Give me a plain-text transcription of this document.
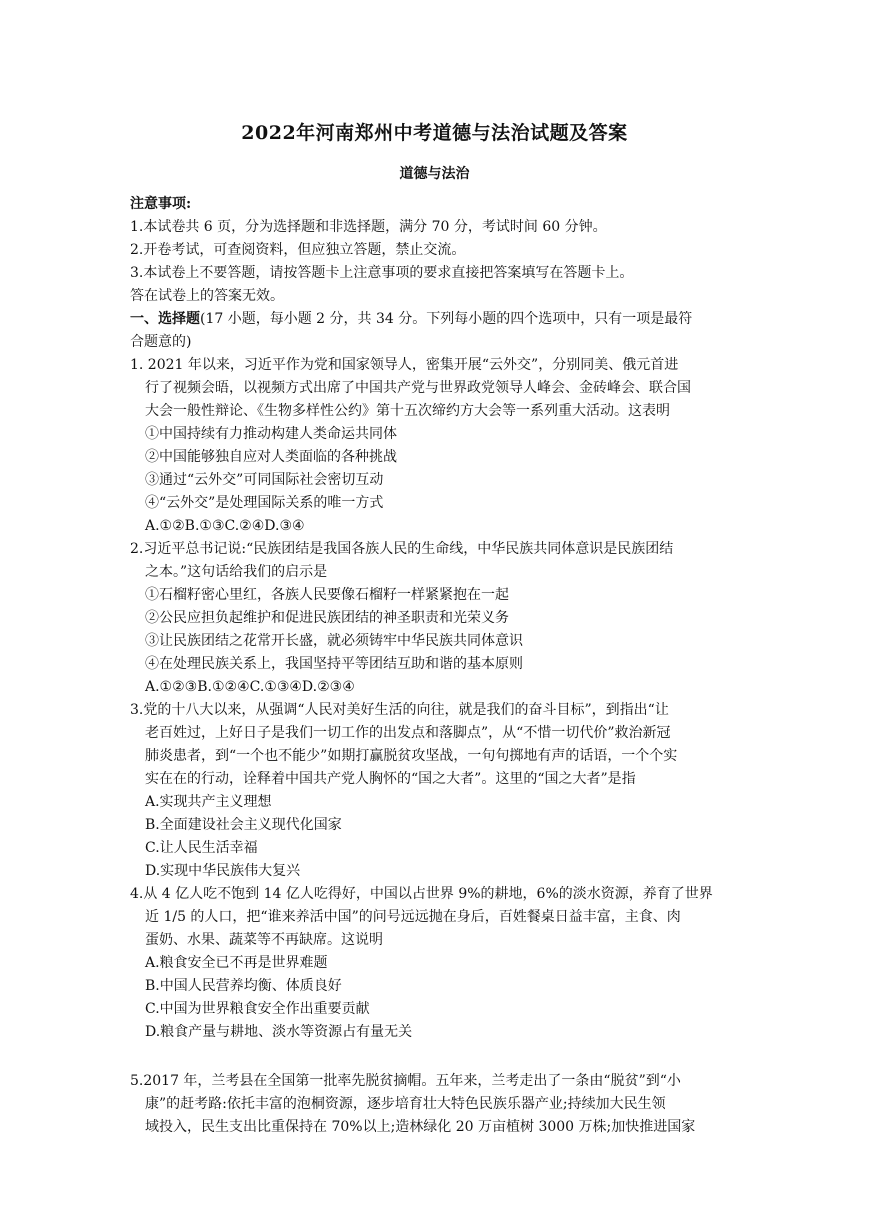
2022年河南郑州中考道德与法治试题及答案
道德与法治
注意事项:
1.本试卷共 6 页，分为选择题和非选择题，满分 70 分，考试时间 60 分钟。
2.开卷考试，可查阅资料，但应独立答题，禁止交流。
3.本试卷上不要答题，请按答题卡上注意事项的要求直接把答案填写在答题卡上。
答在试卷上的答案无效。
一、选择题(17 小题，每小题 2 分，共 34 分。下列每小题的四个选项中，只有一项是最符
合题意的)
1. 2021 年以来，习近平作为党和国家领导人，密集开展“云外交”，分别同美、俄元首进
行了视频会晤，以视频方式出席了中国共产党与世界政党领导人峰会、金砖峰会、联合国
大会一般性辩论、《生物多样性公约》第十五次缔约方大会等一系列重大活动。这表明
①中国持续有力推动构建人类命运共同体
②中国能够独自应对人类面临的各种挑战
③通过“云外交”可同国际社会密切互动
④“云外交”是处理国际关系的唯一方式
A.①②B.①③C.②④D.③④
2.习近平总书记说:“民族团结是我国各族人民的生命线，中华民族共同体意识是民族团结
之本。”这句话给我们的启示是
①石榴籽密心里红，各族人民要像石榴籽一样紧紧抱在一起
②公民应担负起维护和促进民族团结的神圣职责和光荣义务
③让民族团结之花常开长盛，就必须铸牢中华民族共同体意识
④在处理民族关系上，我国坚持平等团结互助和谐的基本原则
A.①②③B.①②④C.①③④D.②③④
3.党的十八大以来，从强调“人民对美好生活的向往，就是我们的奋斗目标”，到指出“让
老百姓过，上好日子是我们一切工作的出发点和落脚点”，从“不惜一切代价”救治新冠
肺炎患者，到“一个也不能少”如期打赢脱贫攻坚战，一句句掷地有声的话语，一个个实
实在在的行动，诠释着中国共产党人胸怀的“国之大者”。这里的“国之大者”是指
A.实现共产主义理想
B.全面建设社会主义现代化国家
C.让人民生活幸福
D.实现中华民族伟大复兴
4.从 4 亿人吃不饱到 14 亿人吃得好，中国以占世界 9%的耕地，6%的淡水资源，养育了世界
近 1/5 的人口，把“谁来养活中国”的问号远远抛在身后，百姓餐桌日益丰富，主食、肉
蛋奶、水果、蔬菜等不再缺席。这说明
A.粮食安全已不再是世界难题
B.中国人民营养均衡、体质良好
C.中国为世界粮食安全作出重要贡献
D.粮食产量与耕地、淡水等资源占有量无关
5.2017 年，兰考县在全国第一批率先脱贫摘帽。五年来，兰考走出了一条由“脱贫”到“小
康”的赶考路:依托丰富的泡桐资源，逐步培育壮大特色民族乐器产业;持续加大民生领
域投入，民生支出比重保持在 70%以上;造林绿化 20 万亩植树 3000 万株;加快推进国家
